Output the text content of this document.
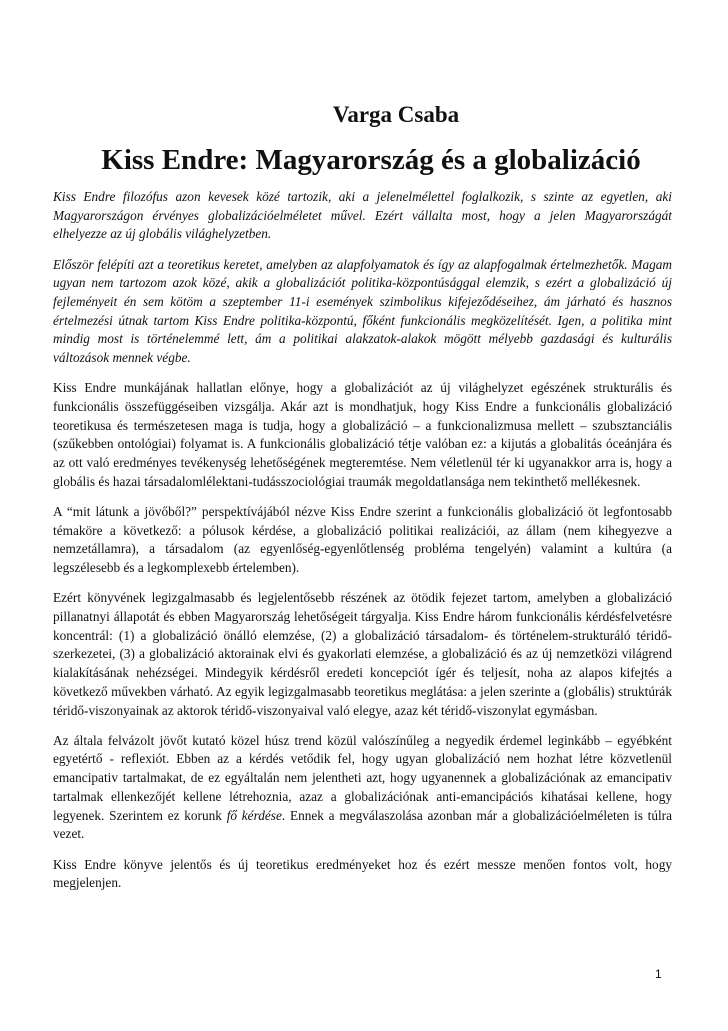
Varga Csaba
Kiss Endre: Magyarország és a globalizáció

Kiss Endre filozófus azon kevesek közé tartozik, aki a jelenelmélettel foglalkozik, s szinte az egyetlen, aki Magyarországon érvényes globalizációelméletet művel. Ezért vállalta most, hogy a jelen Magyarországát elhelyezze az új globális világhelyzetben.

Először felépíti azt a teoretikus keretet, amelyben az alapfolyamatok és így az alapfogalmak értelmezhetők. Magam ugyan nem tartozom azok közé, akik a globalizációt politika-központúsággal elemzik, s ezért a globalizáció új fejleményeit én sem kötöm a szeptember 11-i események szimbolikus kifejeződéseihez, ám járható és hasznos értelmezési útnak tartom Kiss Endre politika-központú, főként funkcionális megközelítését. Igen, a politika mint mindig most is történelemmé lett, ám a politikai alakzatok-alakok mögött mélyebb gazdasági és kulturális változások mennek végbe.

Kiss Endre munkájának hallatlan előnye, hogy a globalizációt az új világhelyzet egészének strukturális és funkcionális összefüggéseiben vizsgálja. Akár azt is mondhatjuk, hogy Kiss Endre a funkcionális globalizáció teoretikusa és természetesen maga is tudja, hogy a globalizáció – a funkcionalizmusa mellett – szubsztanciális (szűkebben ontológiai) folyamat is. A funkcionális globalizáció tétje valóban ez: a kijutás a globalitás óceánjára és az ott való eredményes tevékenység lehetőségének megteremtése. Nem véletlenül tér ki ugyanakkor arra is, hogy a globális és hazai társadalomlélektani-tudásszociológiai traumák megoldatlansága nem tekinthető mellékesnek.

A “mit látunk a jövőből?” perspektívájából nézve Kiss Endre szerint a funkcionális globalizáció öt legfontosabb témaköre a következő: a pólusok kérdése, a globalizáció politikai realizációi, az állam (nem kihegyezve a nemzetállamra), a társadalom (az egyenlőség-egyenlőtlenség probléma tengelyén) valamint a kultúra (a legszélesebb és a legkomplexebb értelemben).

Ezért könyvének legizgalmasabb és legjelentősebb részének az ötödik fejezet tartom, amelyben a globalizáció pillanatnyi állapotát és ebben Magyarország lehetőségeit tárgyalja. Kiss Endre három funkcionális kérdésfelvetésre koncentrál: (1) a globalizáció önálló elemzése, (2) a globalizáció társadalom- és történelem-strukturáló téridő-szerkezetei, (3) a globalizáció aktorainak elvi és gyakorlati elemzése, a globalizáció és az új nemzetközi világrend kialakításának nehézségei. Mindegyik kérdésről eredeti koncepciót ígér és teljesít, noha az alapos kifejtés a következő művekben várható. Az egyik legizgalmasabb teoretikus meglátása: a jelen szerinte a (globális) struktúrák téridő-viszonyainak az aktorok téridő-viszonyaival való elegye, azaz két téridő-viszonylat egymásban.

Az általa felvázolt jövőt kutató közel húsz trend közül valószínűleg a negyedik érdemel leginkább – egyébként egyetértő - reflexiót. Ebben az a kérdés vetődik fel, hogy ugyan globalizáció nem hozhat létre közvetlenül emancipativ tartalmakat, de ez egyáltalán nem jelentheti azt, hogy ugyanennek a globalizációnak az emancipativ tartalmak ellenkezőjét kellene létrehoznia, azaz a globalizációnak anti-emancipációs kihatásai kellene, hogy legyenek. Szerintem ez korunk fő kérdése. Ennek a megválaszolása azonban már a globalizációelméleten is túlra vezet.

Kiss Endre könyve jelentős és új teoretikus eredményeket hoz és ezért messze menően fontos volt, hogy megjelenjen.

1
